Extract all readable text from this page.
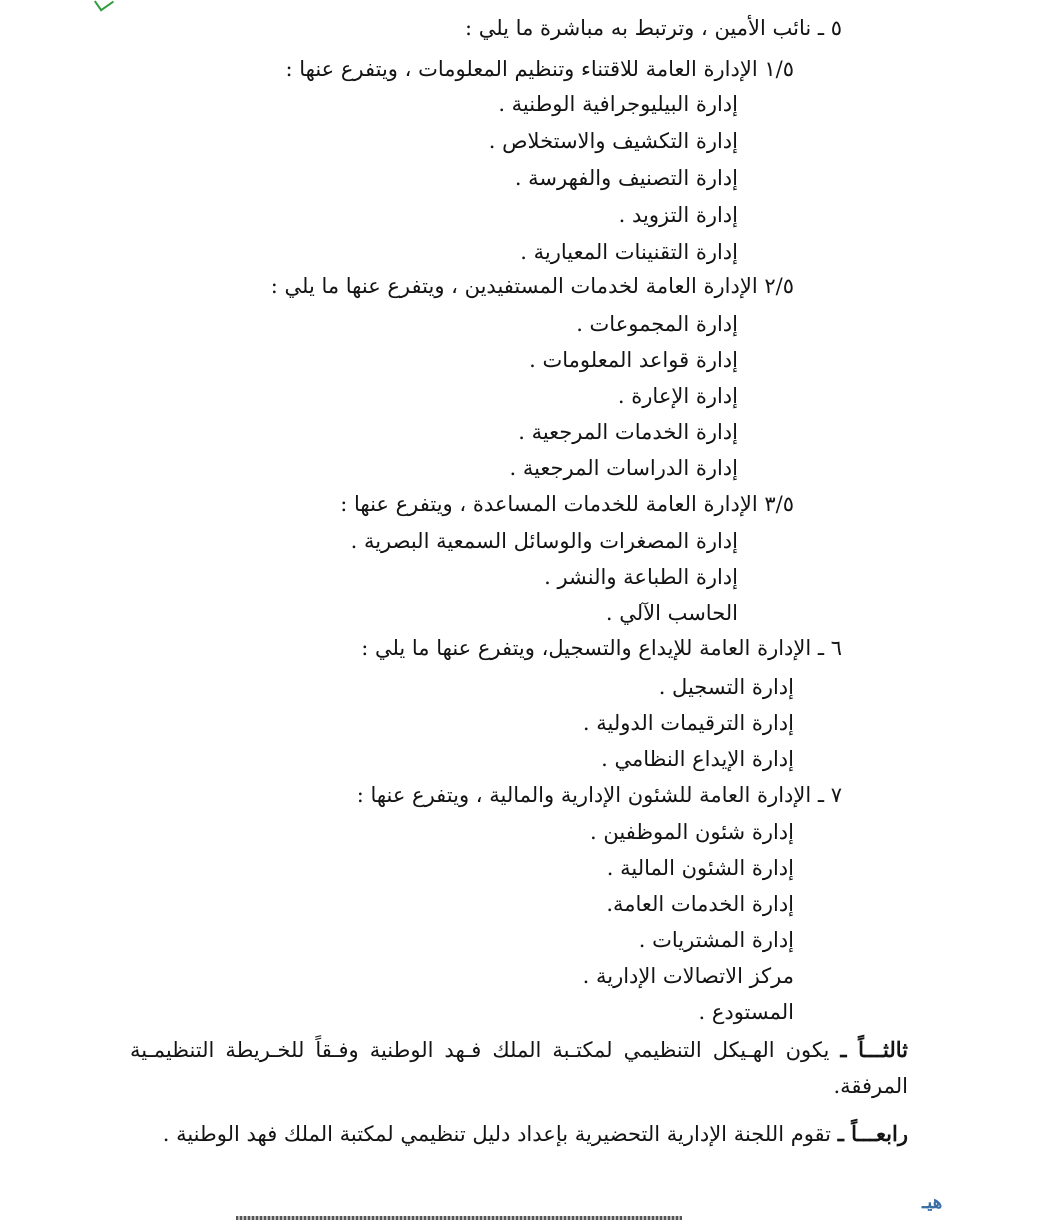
٥ ـ نائب الأمين ، وترتبط به مباشرة ما يلي :
١/٥ الإدارة العامة للاقتناء وتنظيم المعلومات ، ويتفرع عنها :
إدارة البيليوجرافية الوطنية .
إدارة التكشيف والاستخلاص .
إدارة التصنيف والفهرسة .
إدارة التزويد .
إدارة التقنينات المعيارية .
٢/٥ الإدارة العامة لخدمات المستفيدين ، ويتفرع عنها ما يلي :
إدارة المجموعات .
إدارة قواعد المعلومات .
إدارة الإعارة .
إدارة الخدمات المرجعية .
إدارة الدراسات المرجعية .
٣/٥ الإدارة العامة للخدمات المساعدة ، ويتفرع عنها :
إدارة المصغرات والوسائل السمعية البصرية .
إدارة الطباعة والنشر .
الحاسب الآلي .
٦ ـ الإدارة العامة للإيداع والتسجيل، ويتفرع عنها ما يلي :
إدارة التسجيل .
إدارة الترقيمات الدولية .
إدارة الإيداع النظامي .
٧ ـ الإدارة العامة للشئون الإدارية والمالية ، ويتفرع عنها :
إدارة شئون الموظفين .
إدارة الشئون المالية .
إدارة الخدمات العامة.
إدارة المشتريات .
مركز الاتصالات الإدارية .
المستودع .
ثالثـــاً ـ يكون الهـيكل التنظيمي لمكتـبة الملك فـهد الوطنية وفـقاً للخـريطة التنظيمـية المرفقة.
رابعـــاً ـ تقوم اللجنة الإدارية التحضيرية بإعداد دليل تنظيمي لمكتبة الملك فهد الوطنية .
هيـ
